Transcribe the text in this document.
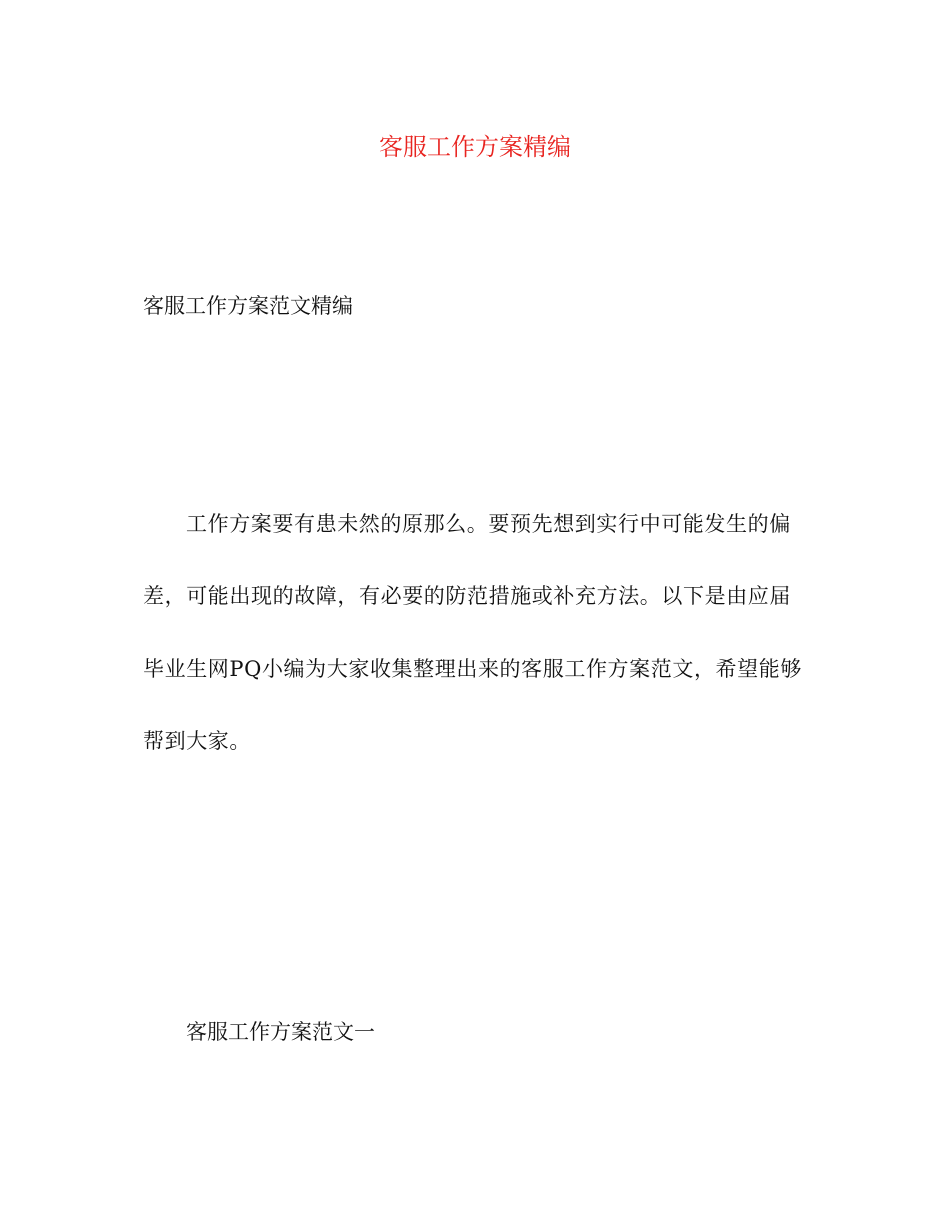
客服工作方案精编
客服工作方案范文精编
工作方案要有患未然的原那么。要预先想到实行中可能发生的偏
差，可能出现的故障，有必要的防范措施或补充方法。以下是由应届
毕业生网PQ小编为大家收集整理出来的客服工作方案范文，希望能够
帮到大家。
客服工作方案范文一
